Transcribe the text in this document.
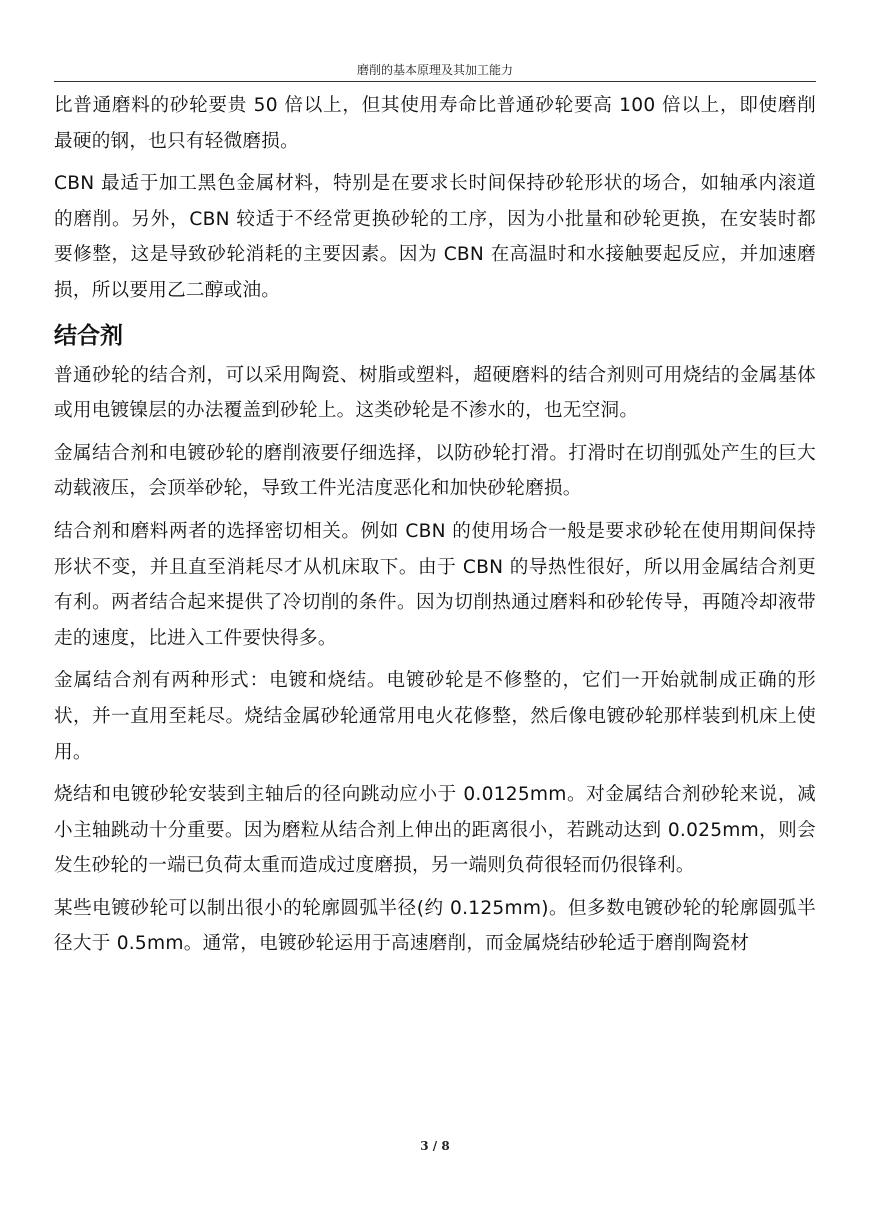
磨削的基本原理及其加工能力

比普通磨料的砂轮要贵 50 倍以上，但其使用寿命比普通砂轮要高 100 倍以上，即使磨削最硬的钢，也只有轻微磨损。

CBN 最适于加工黑色金属材料，特别是在要求长时间保持砂轮形状的场合，如轴承内滚道的磨削。另外，CBN 较适于不经常更换砂轮的工序，因为小批量和砂轮更换，在安装时都要修整，这是导致砂轮消耗的主要因素。因为 CBN 在高温时和水接触要起反应，并加速磨损，所以要用乙二醇或油。

结合剂

普通砂轮的结合剂，可以采用陶瓷、树脂或塑料，超硬磨料的结合剂则可用烧结的金属基体或用电镀镍层的办法覆盖到砂轮上。这类砂轮是不渗水的，也无空洞。

金属结合剂和电镀砂轮的磨削液要仔细选择，以防砂轮打滑。打滑时在切削弧处产生的巨大动载液压，会顶举砂轮，导致工件光洁度恶化和加快砂轮磨损。

结合剂和磨料两者的选择密切相关。例如 CBN 的使用场合一般是要求砂轮在使用期间保持形状不变，并且直至消耗尽才从机床取下。由于 CBN 的导热性很好，所以用金属结合剂更有利。两者结合起来提供了冷切削的条件。因为切削热通过磨料和砂轮传导，再随冷却液带走的速度，比进入工件要快得多。

金属结合剂有两种形式：电镀和烧结。电镀砂轮是不修整的，它们一开始就制成正确的形状，并一直用至耗尽。烧结金属砂轮通常用电火花修整，然后像电镀砂轮那样装到机床上使用。

烧结和电镀砂轮安装到主轴后的径向跳动应小于 0.0125mm。对金属结合剂砂轮来说，减小主轴跳动十分重要。因为磨粒从结合剂上伸出的距离很小，若跳动达到 0.025mm，则会发生砂轮的一端已负荷太重而造成过度磨损，另一端则负荷很轻而仍很锋利。

某些电镀砂轮可以制出很小的轮廓圆弧半径(约 0.125mm)。但多数电镀砂轮的轮廓圆弧半径大于 0.5mm。通常，电镀砂轮运用于高速磨削，而金属烧结砂轮适于磨削陶瓷材

3 / 8
